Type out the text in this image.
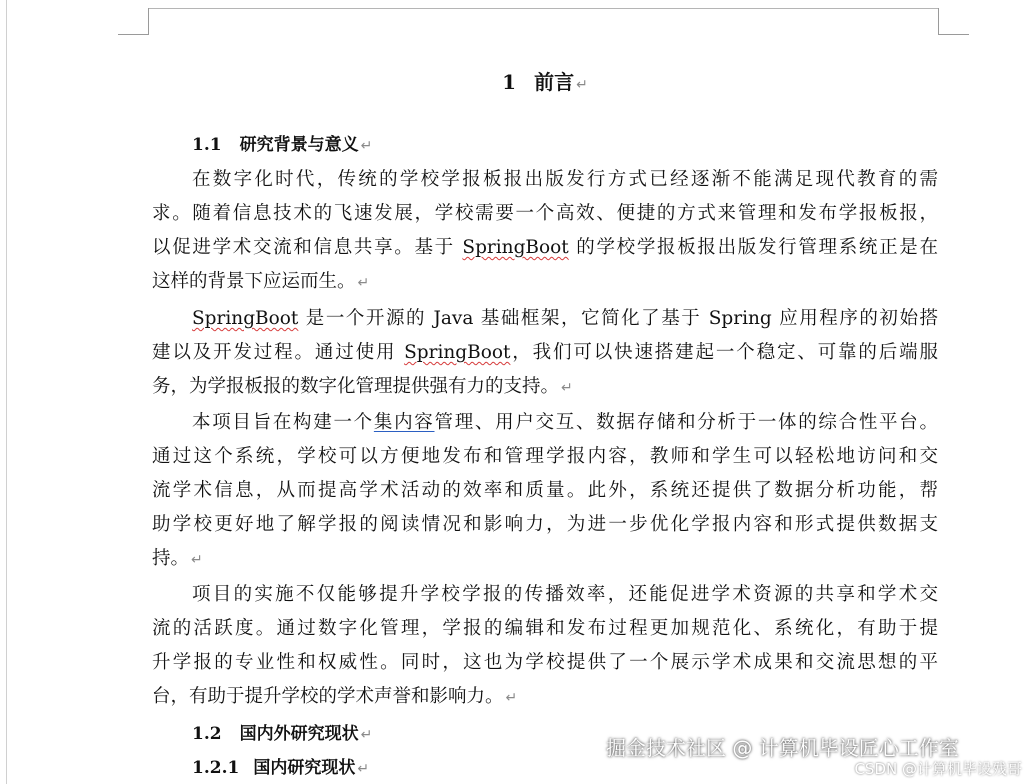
1 前言 ↵
1.1 研究背景与意义 ↵
在数字化时代，传统的学校学报板报出版发行方式已经逐渐不能满足现代教育的需
求。随着信息技术的飞速发展，学校需要一个高效、便捷的方式来管理和发布学报板报，
以促进学术交流和信息共享。基于 SpringBoot 的学校学报板报出版发行管理系统正是在
这样的背景下应运而生。 ↵
SpringBoot 是一个开源的 Java 基础框架，它简化了基于 Spring 应用程序的初始搭
建以及开发过程。通过使用 SpringBoot，我们可以快速搭建起一个稳定、可靠的后端服
务，为学报板报的数字化管理提供强有力的支持。 ↵
本项目旨在构建一个集内容管理、用户交互、数据存储和分析于一体的综合性平台。
通过这个系统，学校可以方便地发布和管理学报内容，教师和学生可以轻松地访问和交
流学术信息，从而提高学术活动的效率和质量。此外，系统还提供了数据分析功能，帮
助学校更好地了解学报的阅读情况和影响力，为进一步优化学报内容和形式提供数据支
持。 ↵
项目的实施不仅能够提升学校学报的传播效率，还能促进学术资源的共享和学术交
流的活跃度。通过数字化管理，学报的编辑和发布过程更加规范化、系统化，有助于提
升学报的专业性和权威性。同时，这也为学校提供了一个展示学术成果和交流思想的平
台，有助于提升学校的学术声誉和影响力。 ↵
1.2 国内外研究现状 ↵
1.2.1 国内研究现状 ↵
掘金技术社区 @ 计算机毕设匠心工作室
CSDN @计算机毕设残哥
